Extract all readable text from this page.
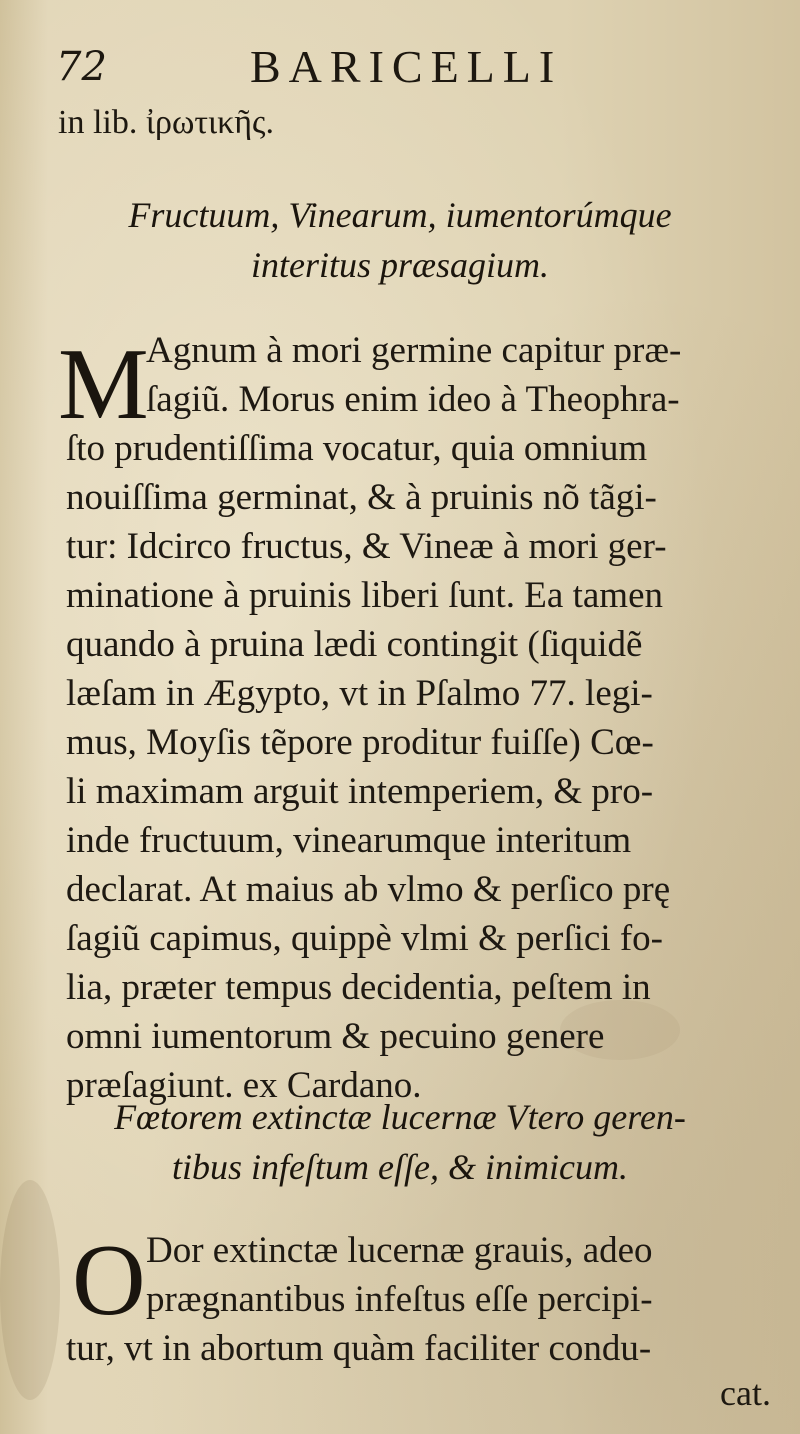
72	BARICELLI
in lib. ἰρωτικῆς.
Fructuum, Vinearum, iumentorúmque
interitus præsagium.
M
Agnum à mori germine capitur præ-
ſagiũ. Morus enim ideo à Theophra-
ſto prudentiſſima vocatur, quia omnium
nouiſſima germinat, & à pruinis nõ tãgi-
tur: Idcirco fructus, & Vineæ à mori ger-
minatione à pruinis liberi ſunt. Ea tamen
quando à pruina lædi contingit (ſiquidẽ
læſam in Ægypto, vt in Pſalmo 77. legi-
mus, Moyſis tẽpore proditur fuiſſe) Cœ-
li maximam arguit intemperiem, & pro-
inde fructuum, vinearumque interitum
declarat. At maius ab vlmo & perſico prę
ſagiũ capimus, quippè vlmi & perſici fo-
lia, præter tempus decidentia, peſtem in
omni iumentorum & pecuino genere
præſagiunt. ex Cardano.
Fœtorem extinctæ lucernæ Vtero geren-
tibus infeſtum eſſe, & inimicum.
O Dor extinctæ lucernæ grauis, adeo
prægnantibus infeſtus eſſe percipi-
tur, vt in abortum quàm faciliter condu-
cat.
